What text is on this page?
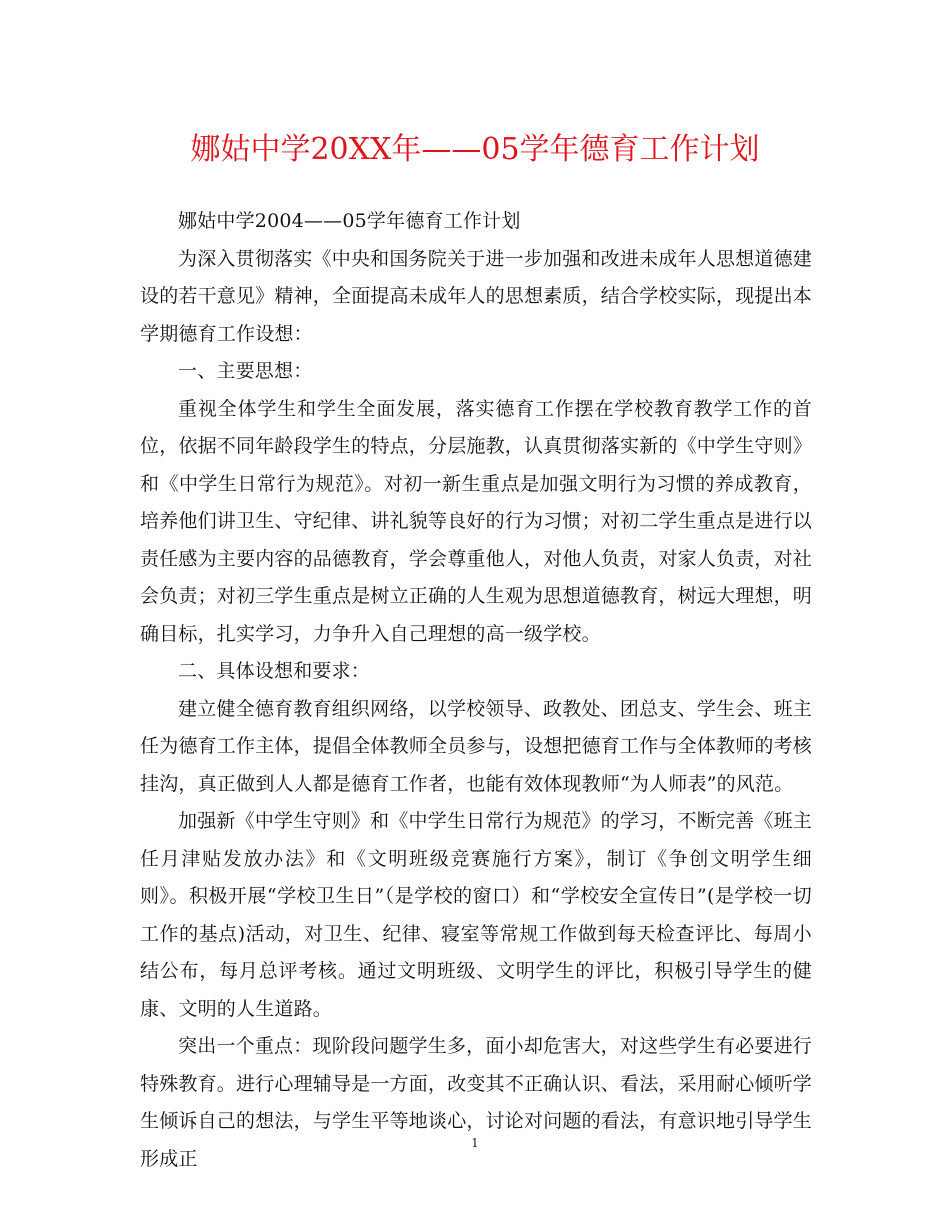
娜姑中学20XX年——05学年德育工作计划

娜姑中学2004——05学年德育工作计划

为深入贯彻落实《中央和国务院关于进一步加强和改进未成年人思想道德建设的若干意见》精神，全面提高未成年人的思想素质，结合学校实际，现提出本学期德育工作设想：

一、主要思想：

重视全体学生和学生全面发展，落实德育工作摆在学校教育教学工作的首位，依据不同年龄段学生的特点，分层施教，认真贯彻落实新的《中学生守则》和《中学生日常行为规范》。对初一新生重点是加强文明行为习惯的养成教育，培养他们讲卫生、守纪律、讲礼貌等良好的行为习惯；对初二学生重点是进行以责任感为主要内容的品德教育，学会尊重他人，对他人负责，对家人负责，对社会负责；对初三学生重点是树立正确的人生观为思想道德教育，树远大理想，明确目标，扎实学习，力争升入自己理想的高一级学校。

二、具体设想和要求：

建立健全德育教育组织网络，以学校领导、政教处、团总支、学生会、班主任为德育工作主体，提倡全体教师全员参与，设想把德育工作与全体教师的考核挂沟，真正做到人人都是德育工作者，也能有效体现教师“为人师表”的风范。

加强新《中学生守则》和《中学生日常行为规范》的学习，不断完善《班主任月津贴发放办法》和《文明班级竞赛施行方案》，制订《争创文明学生细则》。积极开展“学校卫生日”（是学校的窗口）和“学校安全宣传日”(是学校一切工作的基点)活动，对卫生、纪律、寝室等常规工作做到每天检查评比、每周小结公布，每月总评考核。通过文明班级、文明学生的评比，积极引导学生的健康、文明的人生道路。

突出一个重点：现阶段问题学生多，面小却危害大，对这些学生有必要进行特殊教育。进行心理辅导是一方面，改变其不正确认识、看法，采用耐心倾听学生倾诉自己的想法，与学生平等地谈心，讨论对问题的看法，有意识地引导学生形成正

1
